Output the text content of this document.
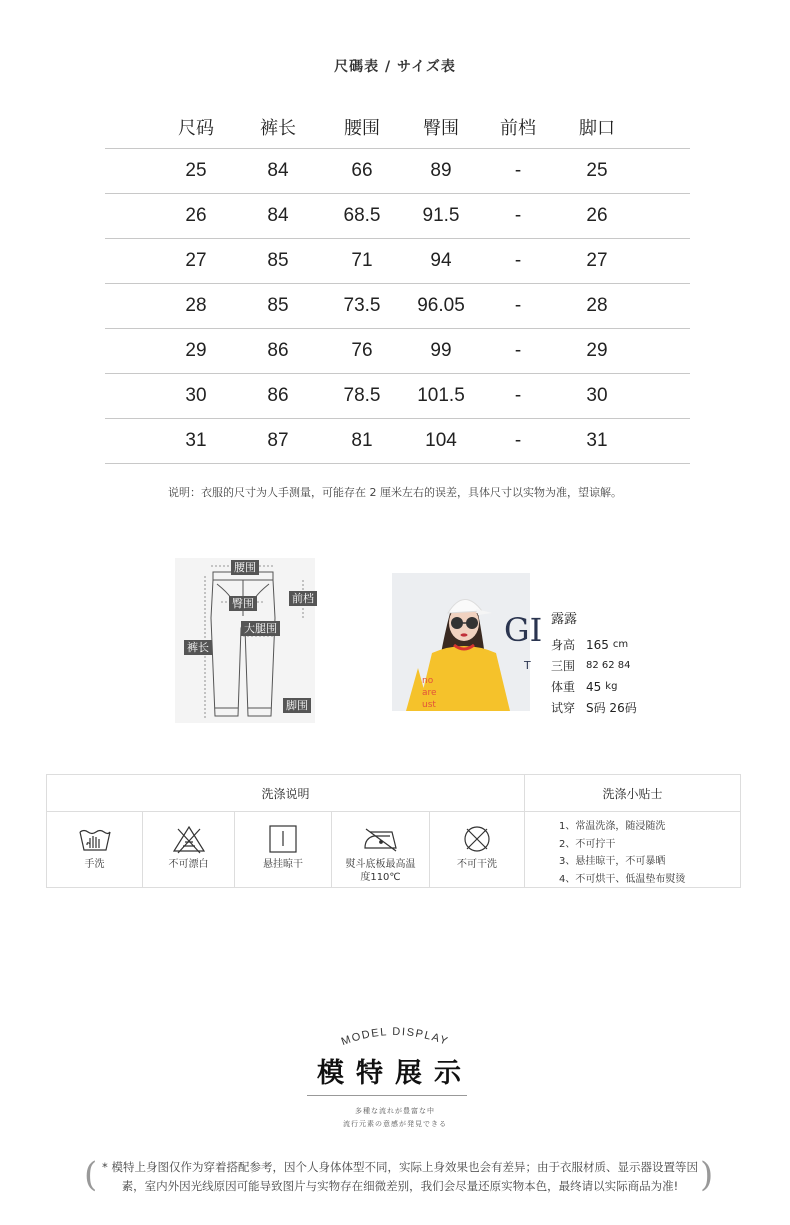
尺碼表 / サイズ表
尺码	裤长	腰围	臀围	前档	脚口
25	84	66	89	-	25
26	84	68.5	91.5	-	26
27	85	71	94	-	27
28	85	73.5	96.05	-	28
29	86	76	99	-	29
30	86	78.5	101.5	-	30
31	87	81	104	-	31
说明：衣服的尺寸为人手测量，可能存在 2 厘米左右的误差，具体尺寸以实物为准，望谅解。
腰围
臀围	前档
大腿围
裤长
脚围
GI
T
no
are
ust
露露
身高 165 cm
三围	82 62 84
体重 45 kg
试穿 S码 26码
洗涤说明	洗涤小贴士
手洗	不可漂白	悬挂晾干	熨斗底板最高温度110℃
不可干洗
1、常温洗涤，随浸随洗
2、不可拧干
3、悬挂晾干，不可暴晒
4、不可烘干、低温垫布熨烫
MODEL DISPLAY
模特展示
多種な流れが豊富な中
流行元素の意感が発見できる
( * 模特上身图仅作为穿着搭配参考，因个人身体体型不同，实际上身效果也会有差异；由于衣服材质、显示器设置等因素，室内外因光线原因可能导致图片与实物存在细微差别，我们会尽量还原实物本色，最终请以实际商品为准! )
